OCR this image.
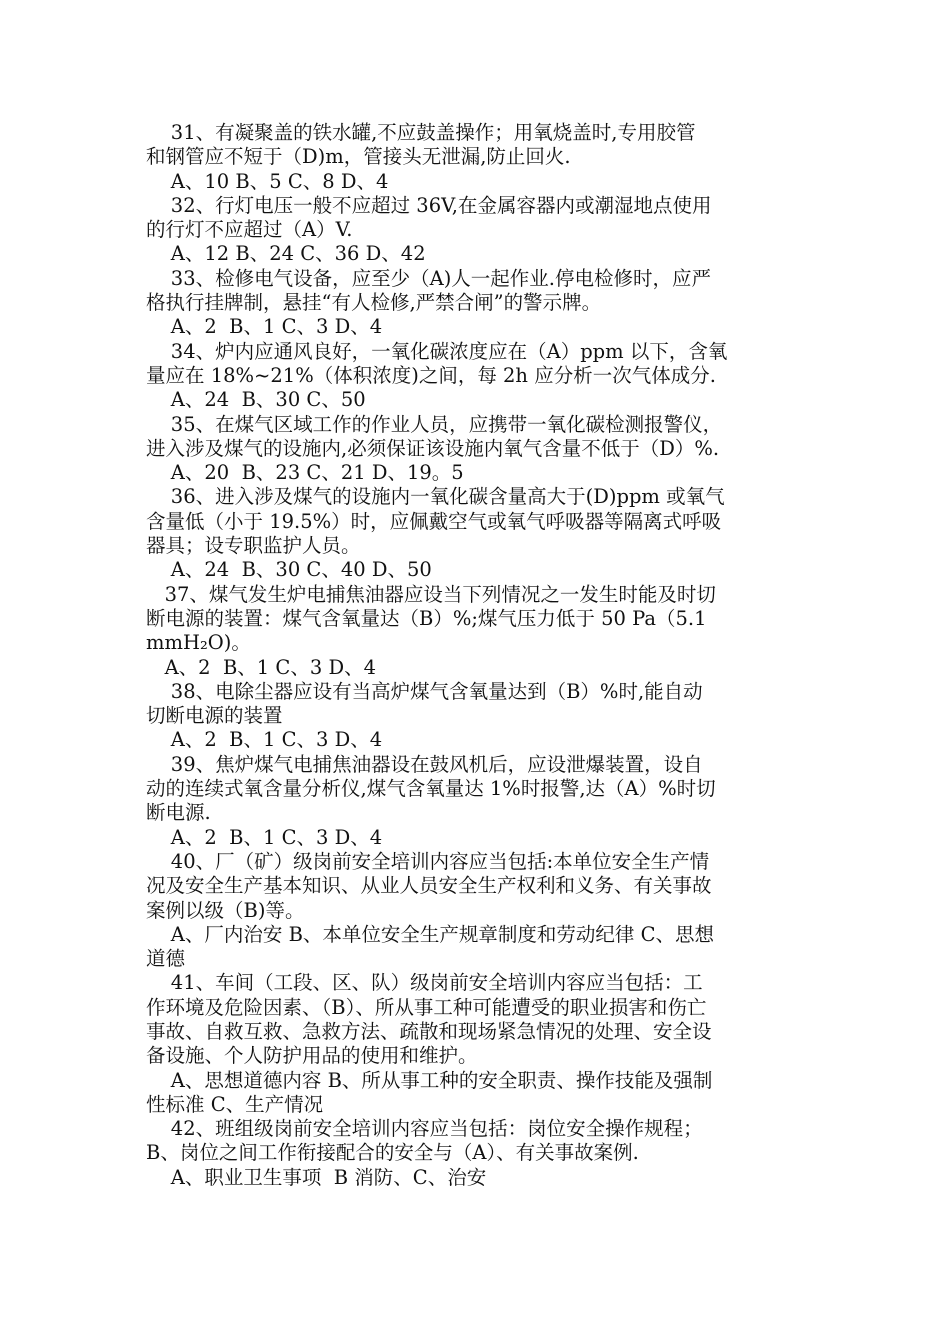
31、有凝聚盖的铁水罐,不应鼓盖操作；用氧烧盖时,专用胶管
和钢管应不短于（D)m，管接头无泄漏,防止回火.
A、10 B、5 C、8 D、4
32、行灯电压一般不应超过 36V,在金属容器内或潮湿地点使用
的行灯不应超过（A）V.
A、12 B、24 C、36 D、42
33、检修电气设备，应至少（A)人一起作业.停电检修时，应严
格执行挂牌制，悬挂“有人检修,严禁合闸”的警示牌。
A、2  B、1 C、3 D、4
34、炉内应通风良好，一氧化碳浓度应在（A）ppm 以下，含氧
量应在 18%~21%（体积浓度)之间，每 2h 应分析一次气体成分.
A、24  B、30 C、50
35、在煤气区域工作的作业人员，应携带一氧化碳检测报警仪，
进入涉及煤气的设施内,必须保证该设施内氧气含量不低于（D）%.
A、20  B、23 C、21 D、19。5
36、进入涉及煤气的设施内一氧化碳含量高大于(D)ppm 或氧气
含量低（小于 19.5%）时，应佩戴空气或氧气呼吸器等隔离式呼吸
器具；设专职监护人员。
A、24  B、30 C、40 D、50
37、煤气发生炉电捕焦油器应设当下列情况之一发生时能及时切
断电源的装置：煤气含氧量达（B）%;煤气压力低于 50 Pa（5.1
mmH₂O)。
A、2  B、1 C、3 D、4
38、电除尘器应设有当高炉煤气含氧量达到（B）%时,能自动
切断电源的装置
A、2  B、1 C、3 D、4
39、焦炉煤气电捕焦油器设在鼓风机后，应设泄爆装置，设自
动的连续式氧含量分析仪,煤气含氧量达 1%时报警,达（A）%时切
断电源.
A、2  B、1 C、3 D、4
40、厂（矿）级岗前安全培训内容应当包括:本单位安全生产情
况及安全生产基本知识、从业人员安全生产权利和义务、有关事故
案例以级（B)等。
A、厂内治安 B、本单位安全生产规章制度和劳动纪律 C、思想
道德
41、车间（工段、区、队）级岗前安全培训内容应当包括：工
作环境及危险因素、（B）、所从事工种可能遭受的职业损害和伤亡
事故、自救互救、急救方法、疏散和现场紧急情况的处理、安全设
备设施、个人防护用品的使用和维护。
A、思想道德内容 B、所从事工种的安全职责、操作技能及强制
性标准 C、生产情况
42、班组级岗前安全培训内容应当包括：岗位安全操作规程；
B、岗位之间工作衔接配合的安全与（A）、有关事故案例.
A、职业卫生事项  B 消防、C、治安
